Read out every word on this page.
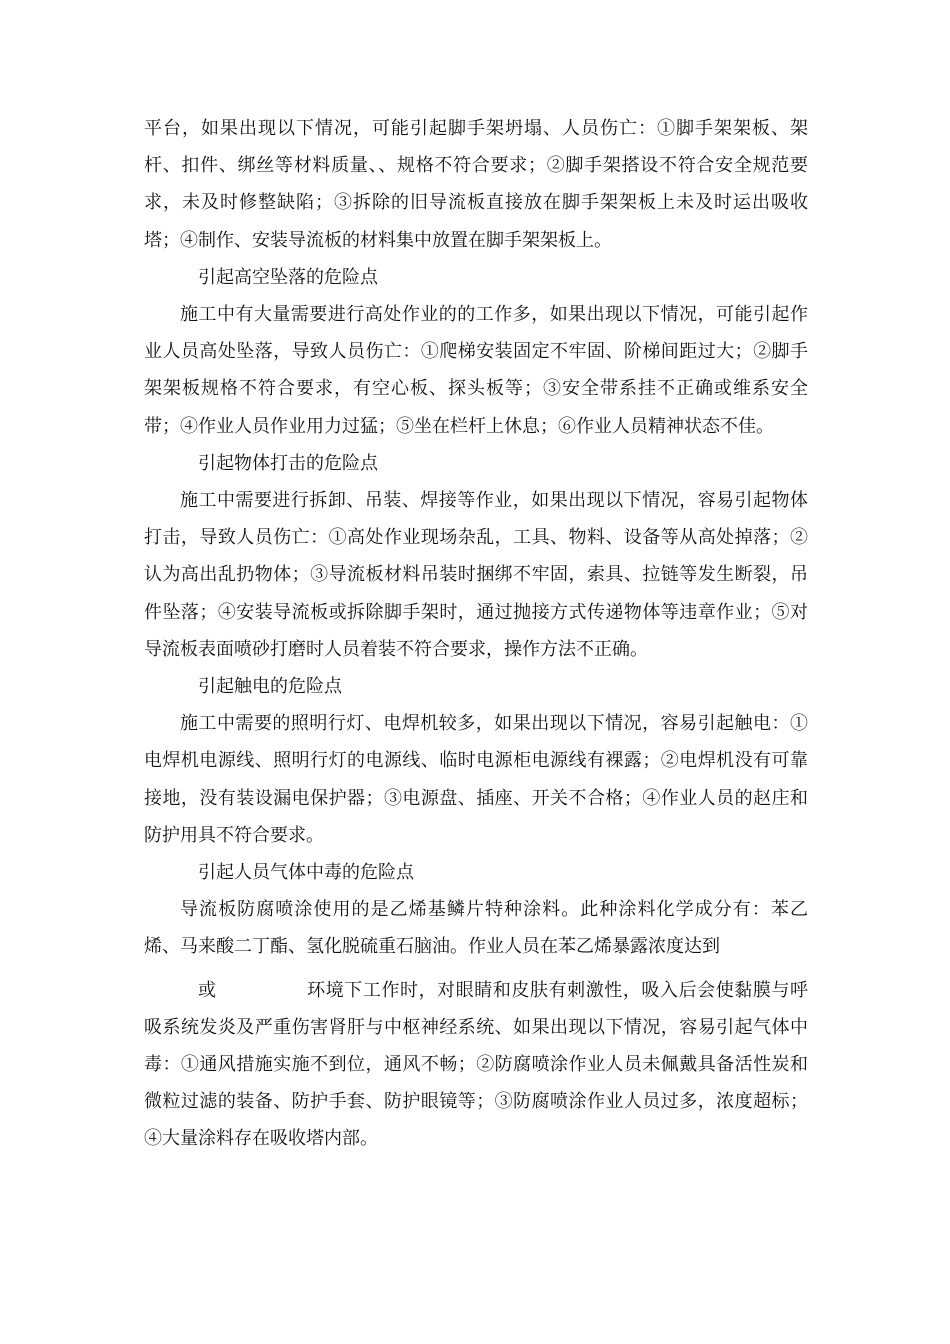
平台，如果出现以下情况，可能引起脚手架坍塌、人员伤亡：①脚手架架板、架杆、扣件、绑丝等材料质量、、规格不符合要求；②脚手架搭设不符合安全规范要求，未及时修整缺陷；③拆除的旧导流板直接放在脚手架架板上未及时运出吸收塔；④制作、安装导流板的材料集中放置在脚手架架板上。

引起高空坠落的危险点

施工中有大量需要进行高处作业的的工作多，如果出现以下情况，可能引起作业人员高处坠落，导致人员伤亡：①爬梯安装固定不牢固、阶梯间距过大；②脚手架架板规格不符合要求，有空心板、探头板等；③安全带系挂不正确或维系安全带；④作业人员作业用力过猛；⑤坐在栏杆上休息；⑥作业人员精神状态不佳。

引起物体打击的危险点

施工中需要进行拆卸、吊装、焊接等作业，如果出现以下情况，容易引起物体打击，导致人员伤亡：①高处作业现场杂乱，工具、物料、设备等从高处掉落；②认为高出乱扔物体；③导流板材料吊装时捆绑不牢固，索具、拉链等发生断裂，吊件坠落；④安装导流板或拆除脚手架时，通过抛接方式传递物体等违章作业；⑤对导流板表面喷砂打磨时人员着装不符合要求，操作方法不正确。

引起触电的危险点

施工中需要的照明行灯、电焊机较多，如果出现以下情况，容易引起触电：①电焊机电源线、照明行灯的电源线、临时电源柜电源线有裸露；②电焊机没有可靠接地，没有装设漏电保护器；③电源盘、插座、开关不合格；④作业人员的赵庄和防护用具不符合要求。

引起人员气体中毒的危险点

导流板防腐喷涂使用的是乙烯基鳞片特种涂料。此种涂料化学成分有：苯乙烯、马来酸二丁酯、氢化脱硫重石脑油。作业人员在苯乙烯暴露浓度达到

或	环境下工作时，对眼睛和皮肤有刺激性，吸入后会使黏膜与呼吸系统发炎及严重伤害肾肝与中枢神经系统、如果出现以下情况，容易引起气体中毒：①通风措施实施不到位，通风不畅；②防腐喷涂作业人员未佩戴具备活性炭和微粒过滤的装备、防护手套、防护眼镜等；③防腐喷涂作业人员过多，浓度超标；④大量涂料存在吸收塔内部。
